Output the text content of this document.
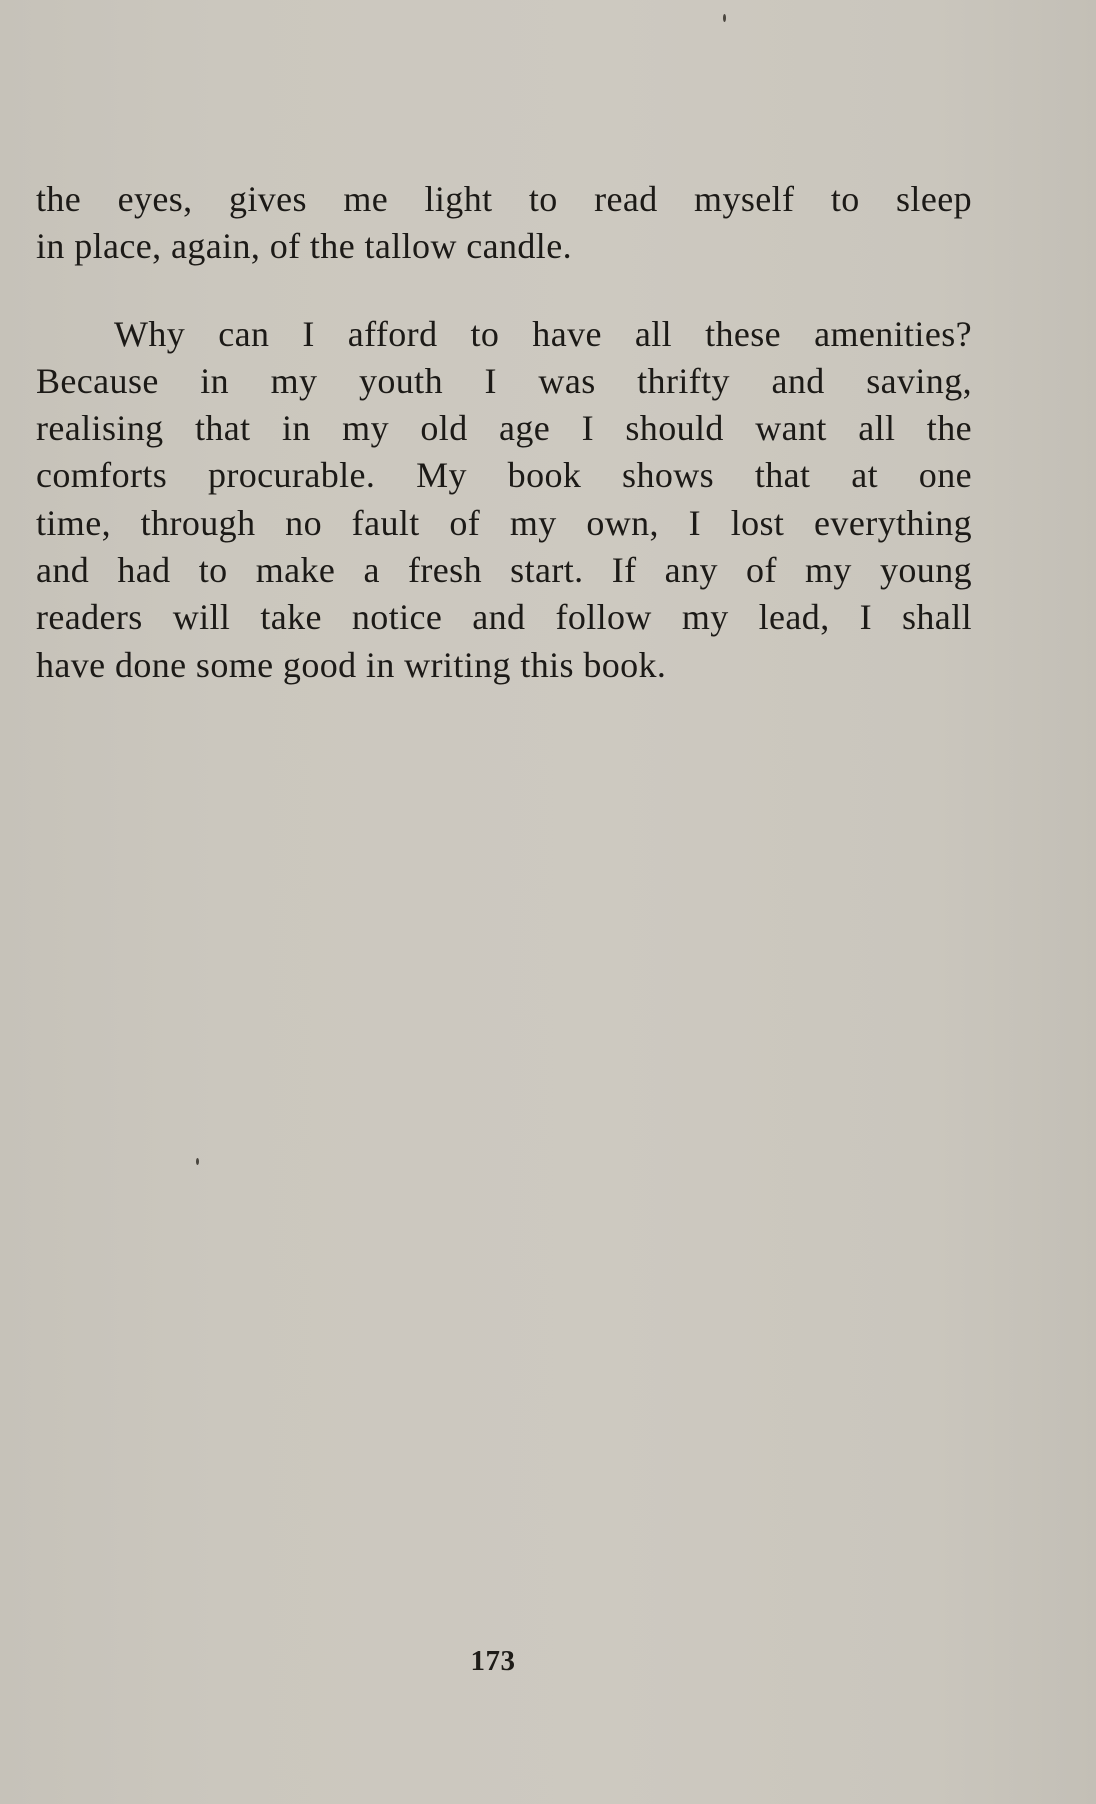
the eyes, gives me light to read myself to sleep
in place, again, of the tallow candle.
Why can I afford to have all these amenities?
Because in my youth I was thrifty and saving,
realising that in my old age I should want all the
comforts procurable. My book shows that at one
time, through no fault of my own, I lost everything
and had to make a fresh start. If any of my young
readers will take notice and follow my lead, I shall
have done some good in writing this book.
173
